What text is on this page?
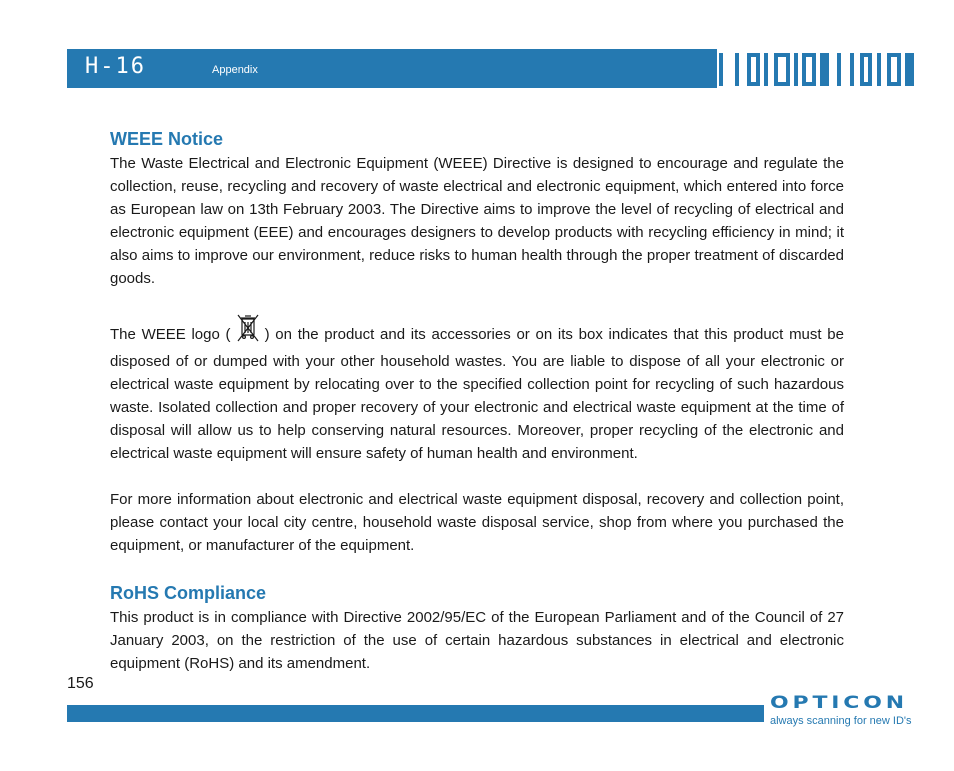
H-16	Appendix
WEEE Notice

The Waste Electrical and Electronic Equipment (WEEE) Directive is designed to encourage and regulate the collection, reuse, recycling and recovery of waste electrical and electronic equipment, which entered into force as European law on 13th February 2003. The Directive aims to improve the level of recycling of electrical and electronic equipment (EEE) and encourages designers to develop products with recycling efficiency in mind; it also aims to improve our environment, reduce risks to human health through the proper treatment of discarded goods.

The WEEE logo ( ) on the product and its accessories or on its box indicates that this product must be disposed of or dumped with your other household wastes. You are liable to dispose of all your electronic or electrical waste equipment by relocating over to the specified collection point for recycling of such hazardous waste. Isolated collection and proper recovery of your electronic and electrical waste equipment at the time of disposal will allow us to help conserving natural resources. Moreover, proper recycling of the electronic and electrical waste equipment will ensure safety of human health and environment.

For more information about electronic and electrical waste equipment disposal, recovery and collection point, please contact your local city centre, household waste disposal service, shop from where you purchased the equipment, or manufacturer of the equipment.

RoHS Compliance

This product is in compliance with Directive 2002/95/EC of the European Parliament and of the Council of 27 January 2003, on the restriction of the use of certain hazardous substances in electrical and electronic equipment (RoHS) and its amendment.

156
OPTICON
always scanning for new ID's
